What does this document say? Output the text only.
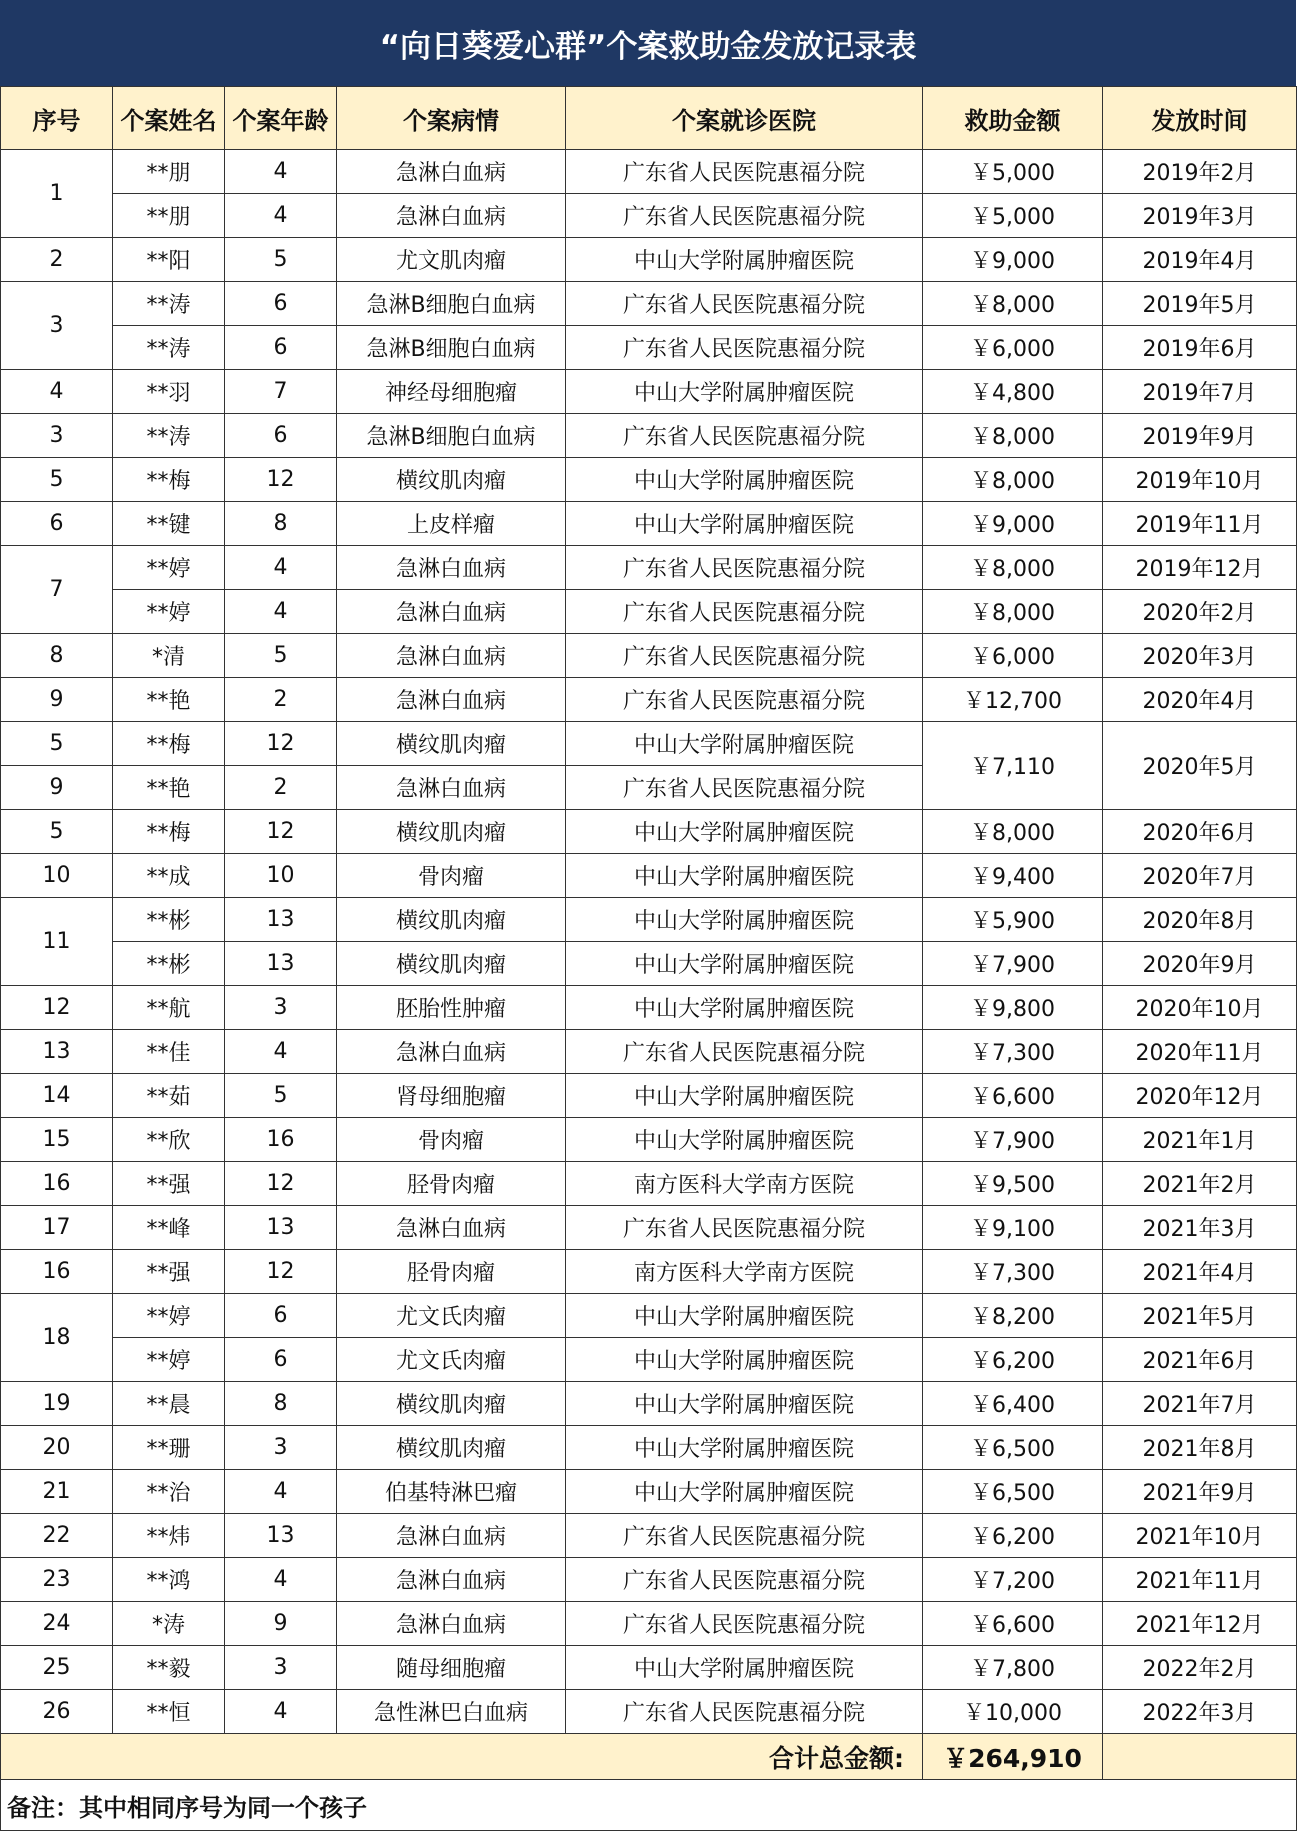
“向日葵爱心群”个案救助金发放记录表
序号	个案姓名	个案年龄	个案病情	个案就诊医院	救助金额	发放时间
1	**朋	4	急淋白血病	广东省人民医院惠福分院	￥5,000	2019年2月
	**朋	4	急淋白血病	广东省人民医院惠福分院	￥5,000	2019年3月
2	**阳	5	尤文肌肉瘤	中山大学附属肿瘤医院	￥9,000	2019年4月
3	**涛	6	急淋B细胞白血病	广东省人民医院惠福分院	￥8,000	2019年5月
	**涛	6	急淋B细胞白血病	广东省人民医院惠福分院	￥6,000	2019年6月
4	**羽	7	神经母细胞瘤	中山大学附属肿瘤医院	￥4,800	2019年7月
3	**涛	6	急淋B细胞白血病	广东省人民医院惠福分院	￥8,000	2019年9月
5	**梅	12	横纹肌肉瘤	中山大学附属肿瘤医院	￥8,000	2019年10月
6	**键	8	上皮样瘤	中山大学附属肿瘤医院	￥9,000	2019年11月
7	**婷	4	急淋白血病	广东省人民医院惠福分院	￥8,000	2019年12月
	**婷	4	急淋白血病	广东省人民医院惠福分院	￥8,000	2020年2月
8	*清	5	急淋白血病	广东省人民医院惠福分院	￥6,000	2020年3月
9	**艳	2	急淋白血病	广东省人民医院惠福分院	￥12,700	2020年4月
5	**梅	12	横纹肌肉瘤	中山大学附属肿瘤医院	￥7,110	2020年5月
9	**艳	2	急淋白血病	广东省人民医院惠福分院		
5	**梅	12	横纹肌肉瘤	中山大学附属肿瘤医院	￥8,000	2020年6月
10	**成	10	骨肉瘤	中山大学附属肿瘤医院	￥9,400	2020年7月
11	**彬	13	横纹肌肉瘤	中山大学附属肿瘤医院	￥5,900	2020年8月
	**彬	13	横纹肌肉瘤	中山大学附属肿瘤医院	￥7,900	2020年9月
12	**航	3	胚胎性肿瘤	中山大学附属肿瘤医院	￥9,800	2020年10月
13	**佳	4	急淋白血病	广东省人民医院惠福分院	￥7,300	2020年11月
14	**茹	5	肾母细胞瘤	中山大学附属肿瘤医院	￥6,600	2020年12月
15	**欣	16	骨肉瘤	中山大学附属肿瘤医院	￥7,900	2021年1月
16	**强	12	胫骨肉瘤	南方医科大学南方医院	￥9,500	2021年2月
17	**峰	13	急淋白血病	广东省人民医院惠福分院	￥9,100	2021年3月
16	**强	12	胫骨肉瘤	南方医科大学南方医院	￥7,300	2021年4月
18	**婷	6	尤文氏肉瘤	中山大学附属肿瘤医院	￥8,200	2021年5月
	**婷	6	尤文氏肉瘤	中山大学附属肿瘤医院	￥6,200	2021年6月
19	**晨	8	横纹肌肉瘤	中山大学附属肿瘤医院	￥6,400	2021年7月
20	**珊	3	横纹肌肉瘤	中山大学附属肿瘤医院	￥6,500	2021年8月
21	**治	4	伯基特淋巴瘤	中山大学附属肿瘤医院	￥6,500	2021年9月
22	**炜	13	急淋白血病	广东省人民医院惠福分院	￥6,200	2021年10月
23	**鸿	4	急淋白血病	广东省人民医院惠福分院	￥7,200	2021年11月
24	*涛	9	急淋白血病	广东省人民医院惠福分院	￥6,600	2021年12月
25	**毅	3	随母细胞瘤	中山大学附属肿瘤医院	￥7,800	2022年2月
26	**恒	4	急性淋巴白血病	广东省人民医院惠福分院	￥10,000	2022年3月
合计总金额:					￥264,910	
备注：其中相同序号为同一个孩子						
